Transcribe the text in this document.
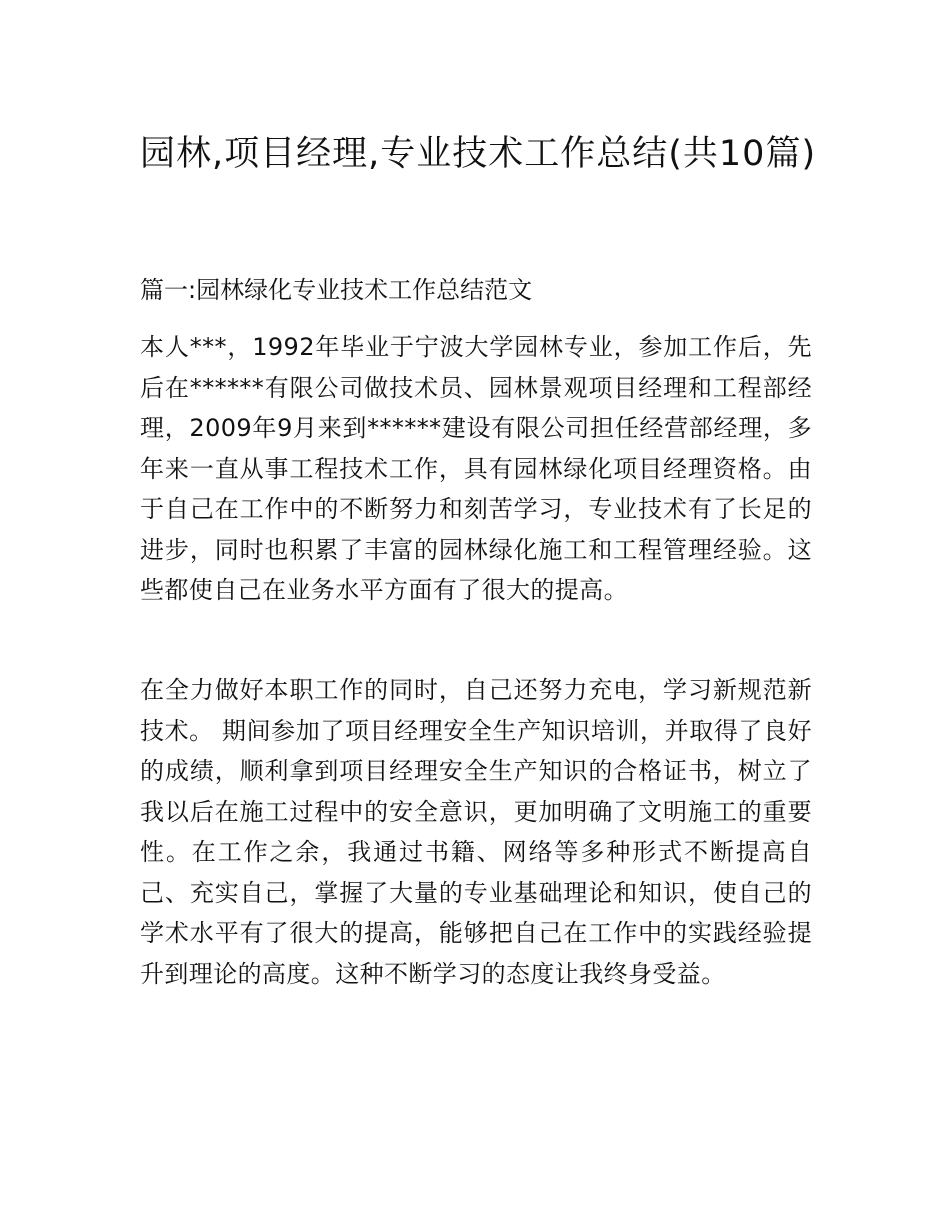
园林,项目经理,专业技术工作总结(共10篇)
篇一:园林绿化专业技术工作总结范文

本人***，1992年毕业于宁波大学园林专业，参加工作后，先后在******有限公司做技术员、园林景观项目经理和工程部经理，2009年9月来到******建设有限公司担任经营部经理，多年来一直从事工程技术工作，具有园林绿化项目经理资格。由于自己在工作中的不断努力和刻苦学习，专业技术有了长足的进步，同时也积累了丰富的园林绿化施工和工程管理经验。这些都使自己在业务水平方面有了很大的提高。

在全力做好本职工作的同时，自己还努力充电，学习新规范新技术。 期间参加了项目经理安全生产知识培训，并取得了良好的成绩，顺利拿到项目经理安全生产知识的合格证书，树立了我以后在施工过程中的安全意识，更加明确了文明施工的重要性。在工作之余，我通过书籍、网络等多种形式不断提高自己、充实自己，掌握了大量的专业基础理论和知识，使自己的学术水平有了很大的提高，能够把自己在工作中的实践经验提升到理论的高度。这种不断学习的态度让我终身受益。
